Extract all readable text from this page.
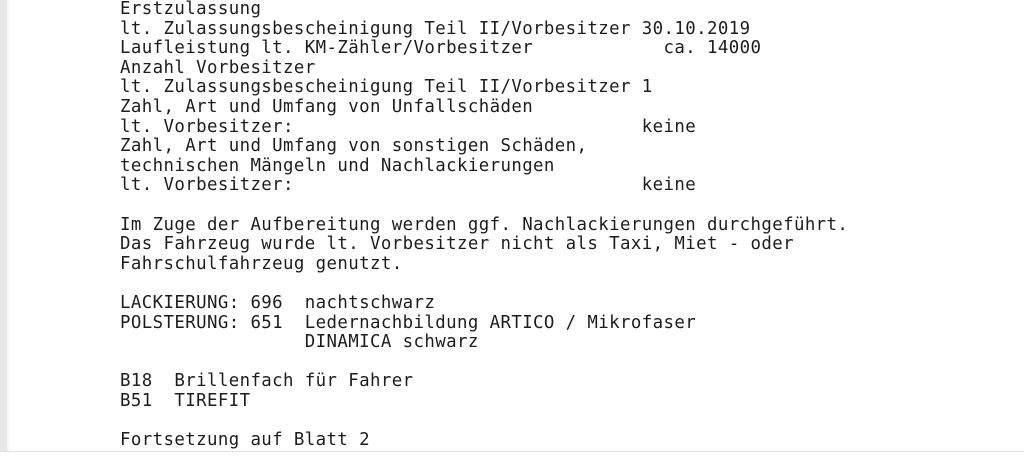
Erstzulassung
lt. Zulassungsbescheinigung Teil II/Vorbesitzer 30.10.2019
Laufleistung lt. KM-Zähler/Vorbesitzer            ca. 14000
Anzahl Vorbesitzer
lt. Zulassungsbescheinigung Teil II/Vorbesitzer 1
Zahl, Art und Umfang von Unfallschäden
lt. Vorbesitzer:                                keine
Zahl, Art und Umfang von sonstigen Schäden,
technischen Mängeln und Nachlackierungen
lt. Vorbesitzer:                                keine

Im Zuge der Aufbereitung werden ggf. Nachlackierungen durchgeführt.
Das Fahrzeug wurde lt. Vorbesitzer nicht als Taxi, Miet - oder
Fahrschulfahrzeug genutzt.

LACKIERUNG: 696  nachtschwarz
POLSTERUNG: 651  Ledernachbildung ARTICO / Mikrofaser
DINAMICA schwarz

B18  Brillenfach für Fahrer
B51  TIREFIT

Fortsetzung auf Blatt 2
